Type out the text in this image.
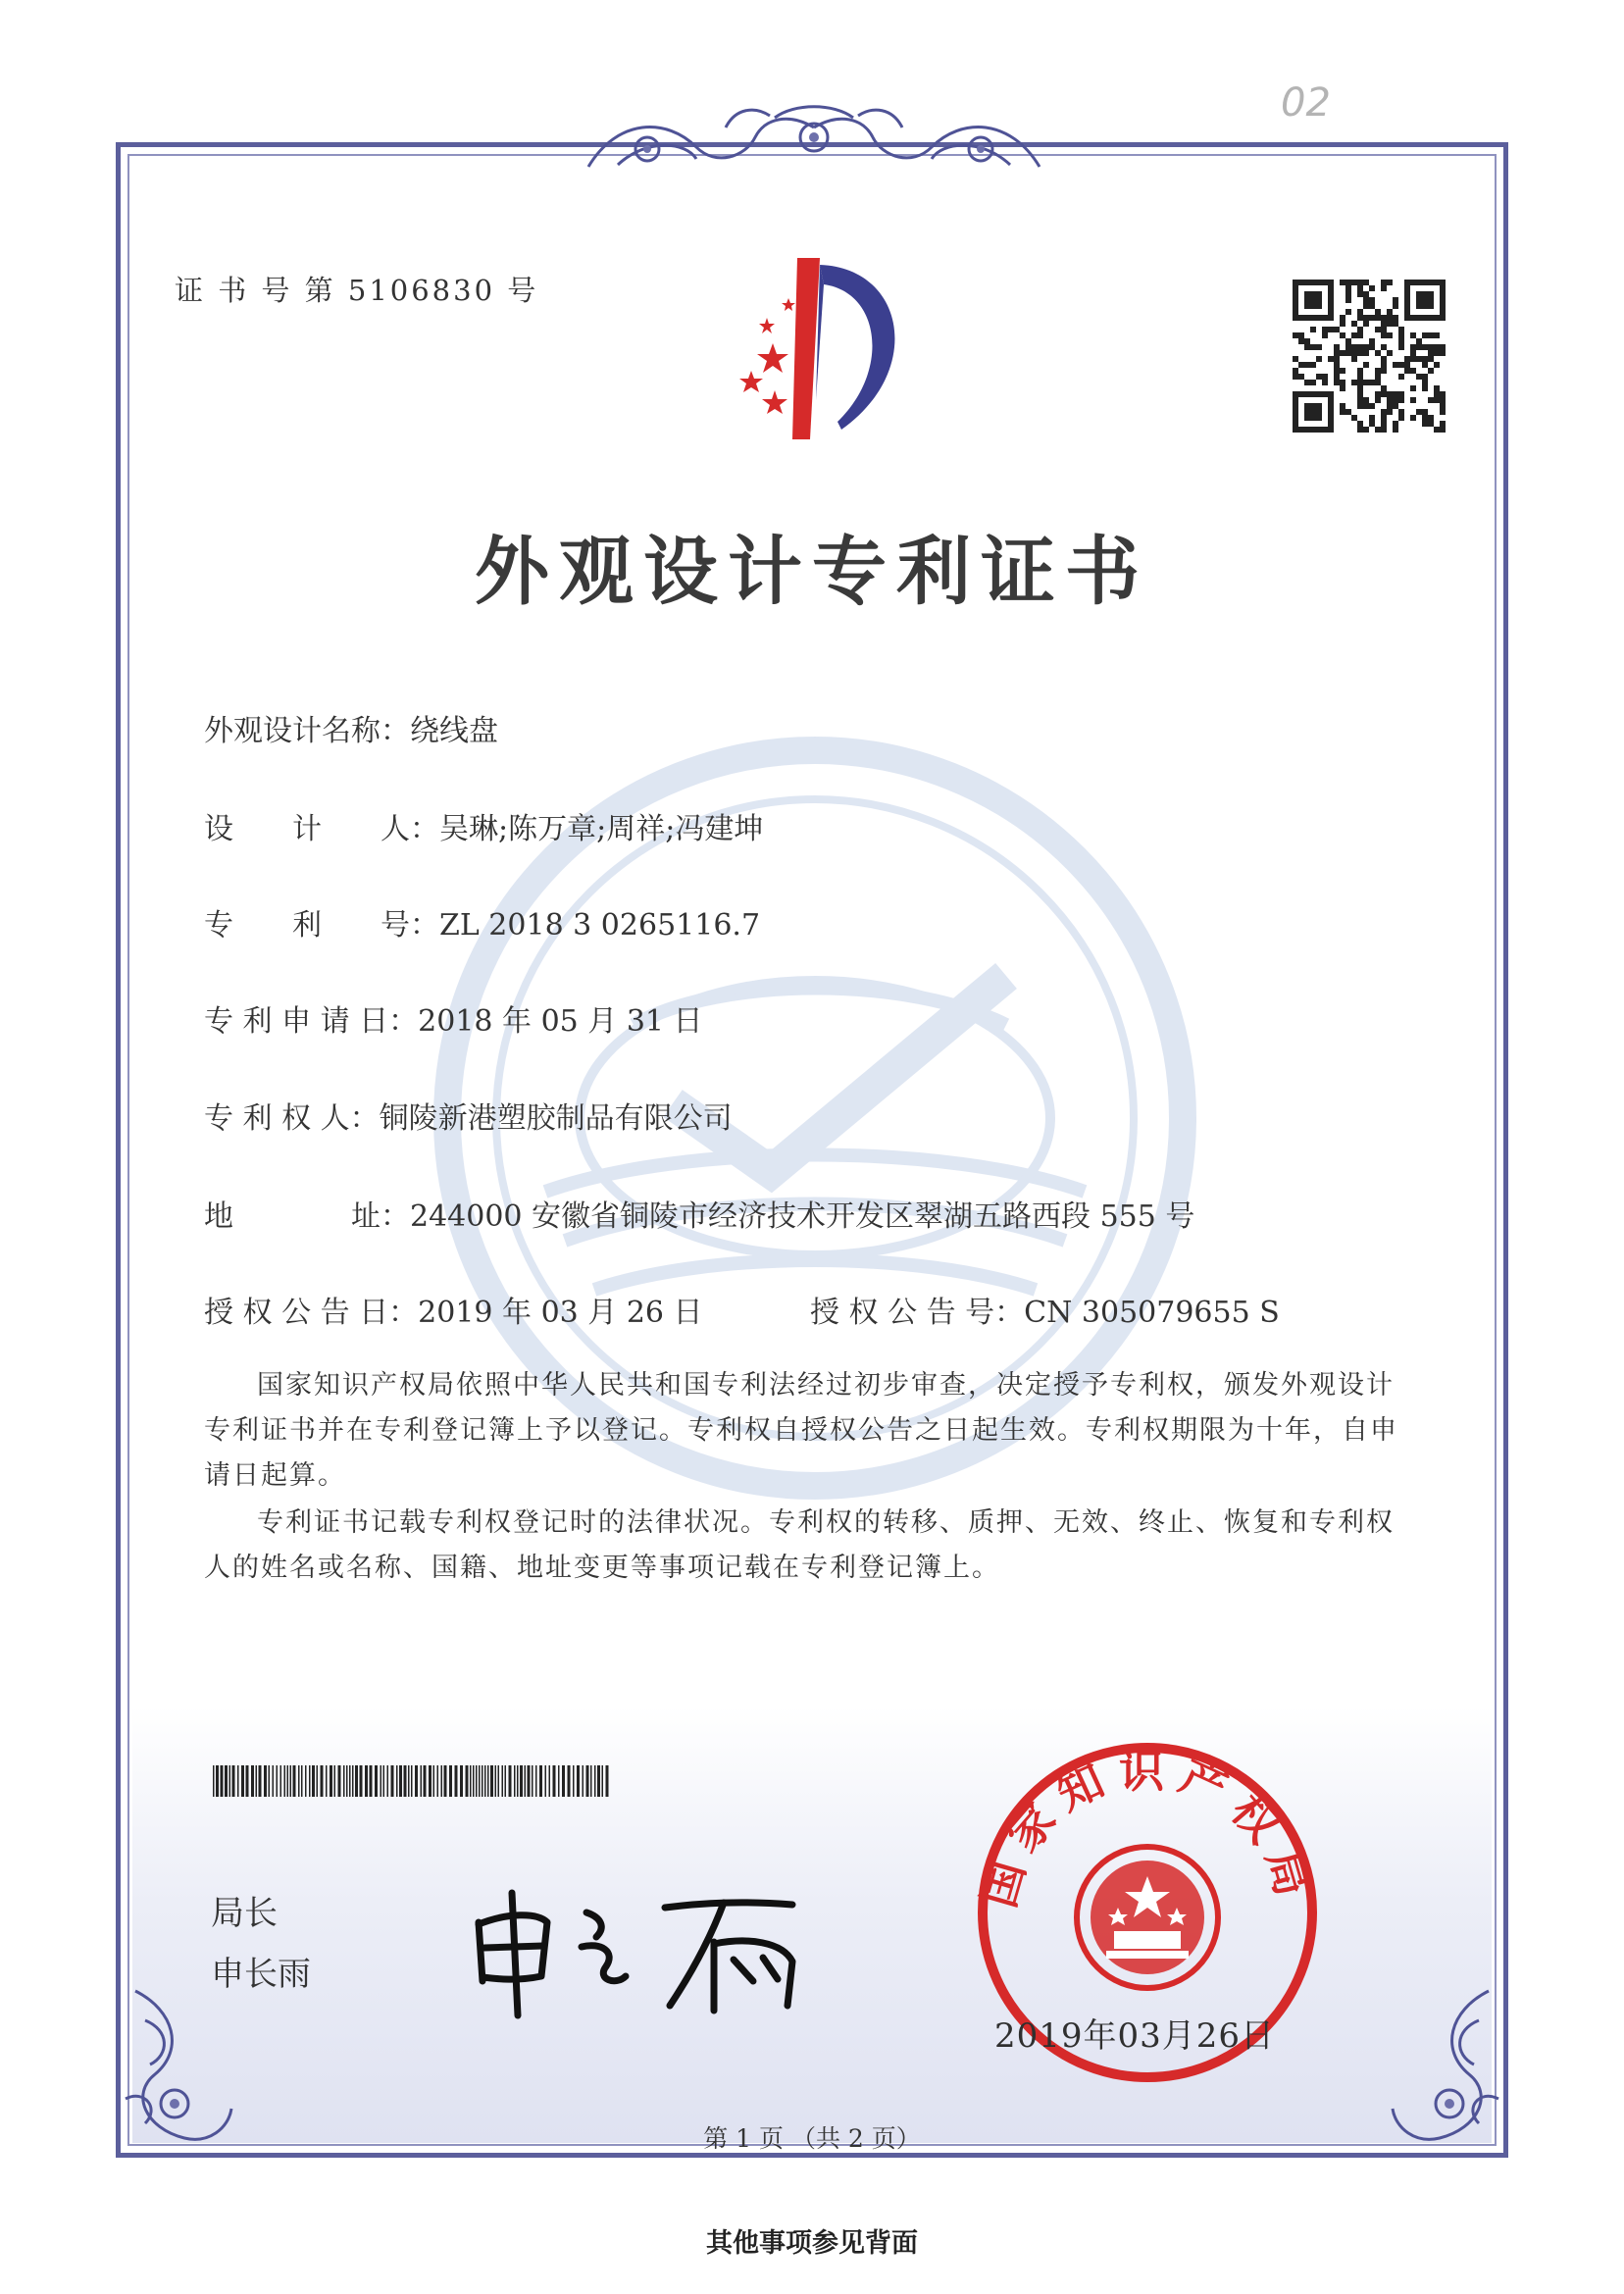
02
证 书 号 第 5106830 号
外观设计专利证书
外观设计名称：绕线盘
设　　计　　人：吴琳;陈万章;周祥;冯建坤
专　　利　　号：ZL 2018 3 0265116.7
专 利 申 请 日：2018 年 05 月 31 日
专 利 权 人：铜陵新港塑胶制品有限公司
地　　　　址：244000 安徽省铜陵市经济技术开发区翠湖五路西段 555 号
授 权 公 告 日：2019 年 03 月 26 日	授 权 公 告 号：CN 305079655 S

国家知识产权局依照中华人民共和国专利法经过初步审查，决定授予专利权，颁发外观设计专利证书并在专利登记簿上予以登记。专利权自授权公告之日起生效。专利权期限为十年，自申请日起算。

专利证书记载专利权登记时的法律状况。专利权的转移、质押、无效、终止、恢复和专利权人的姓名或名称、国籍、地址变更等事项记载在专利登记簿上。

局长
申长雨
国家知识产权局
2019年03月26日
第 1 页 （共 2 页）
其他事项参见背面
